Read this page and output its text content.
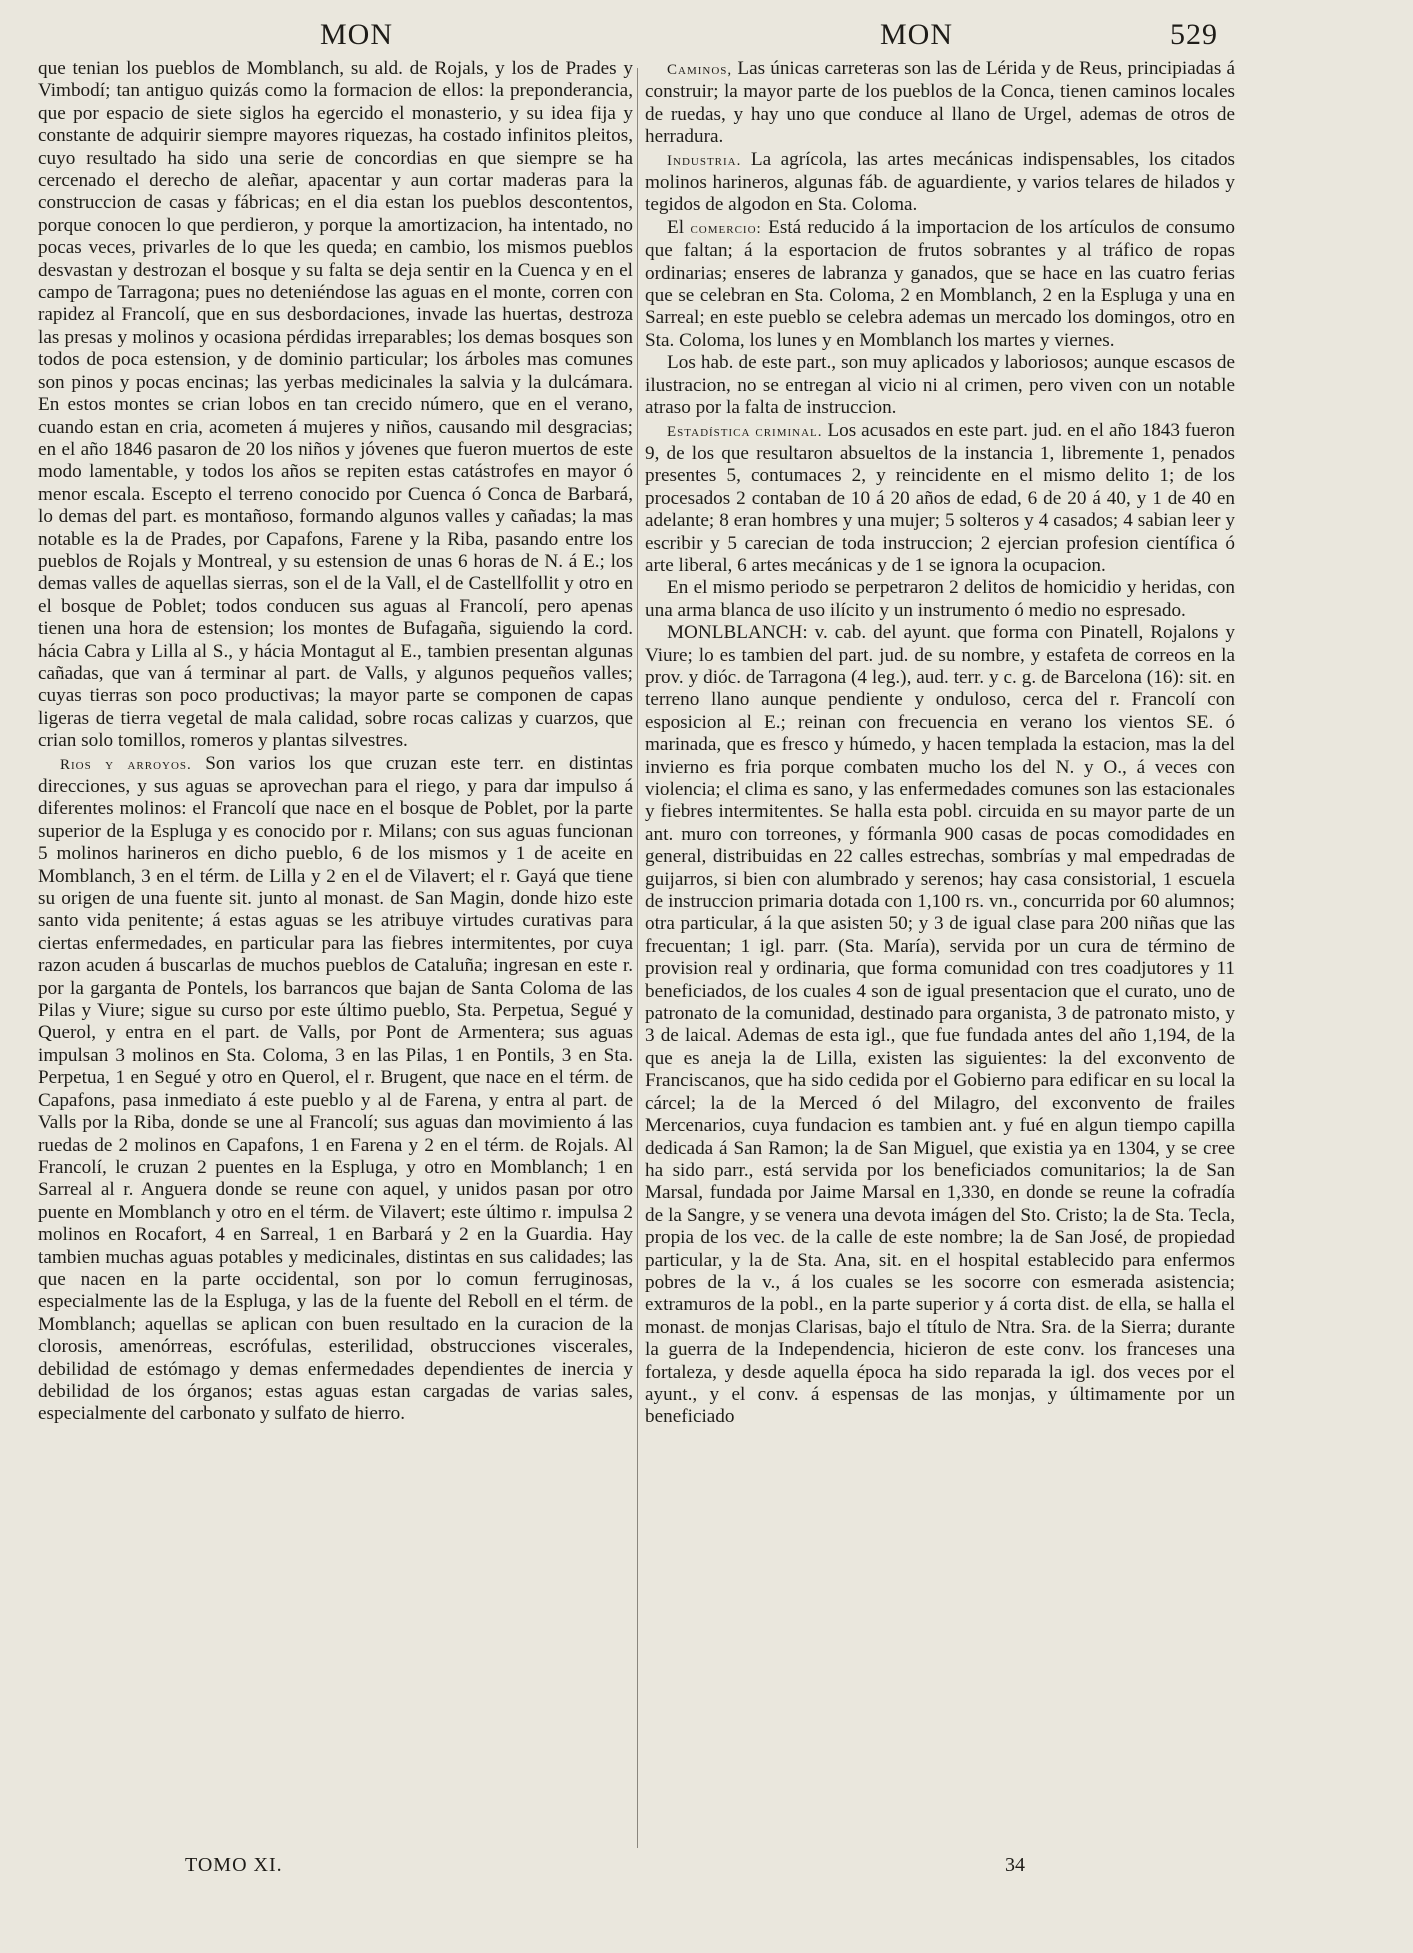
MON	MON	529

que tenian los pueblos de Momblanch, su ald. de Rojals, y los de Prades y Vimbodí; tan antiguo quizás como la formacion de ellos: la preponderancia, que por espacio de siete siglos ha egercido el monasterio, y su idea fija y constante de adquirir siempre mayores riquezas, ha costado infinitos pleitos, cuyo resultado ha sido una serie de concordias en que siempre se ha cercenado el derecho de aleñar, apacentar y aun cortar maderas para la construccion de casas y fábricas; en el dia estan los pueblos descontentos, porque conocen lo que perdieron, y porque la amortizacion, ha intentado, no pocas veces, privarles de lo que les queda; en cambio, los mismos pueblos desvastan y destrozan el bosque y su falta se deja sentir en la Cuenca y en el campo de Tarragona; pues no deteniéndose las aguas en el monte, corren con rapidez al Francolí, que en sus desbordaciones, invade las huertas, destroza las presas y molinos y ocasiona pérdidas irreparables; los demas bosques son todos de poca estension, y de dominio particular; los árboles mas comunes son pinos y pocas encinas; las yerbas medicinales la salvia y la dulcámara. En estos montes se crian lobos en tan crecido número, que en el verano, cuando estan en cria, acometen á mujeres y niños, causando mil desgracias; en el año 1846 pasaron de 20 los niños y jóvenes que fueron muertos de este modo lamentable, y todos los años se repiten estas catástrofes en mayor ó menor escala. Escepto el terreno conocido por Cuenca ó Conca de Barbará, lo demas del part. es montañoso, formando algunos valles y cañadas; la mas notable es la de Prades, por Capafons, Farene y la Riba, pasando entre los pueblos de Rojals y Montreal, y su estension de unas 6 horas de N. á E.; los demas valles de aquellas sierras, son el de la Vall, el de Castellfollit y otro en el bosque de Poblet; todos conducen sus aguas al Francolí, pero apenas tienen una hora de estension; los montes de Bufagaña, siguiendo la cord. hácia Cabra y Lilla al S., y hácia Montagut al E., tambien presentan algunas cañadas, que van á terminar al part. de Valls, y algunos pequeños valles; cuyas tierras son poco productivas; la mayor parte se componen de capas ligeras de tierra vegetal de mala calidad, sobre rocas calizas y cuarzos, que crian solo tomillos, romeros y plantas silvestres.

Rios y arroyos. Son varios los que cruzan este terr. en distintas direcciones, y sus aguas se aprovechan para el riego, y para dar impulso á diferentes molinos: el Francolí que nace en el bosque de Poblet, por la parte superior de la Espluga y es conocido por r. Milans; con sus aguas funcionan 5 molinos harineros en dicho pueblo, 6 de los mismos y 1 de aceite en Momblanch, 3 en el térm. de Lilla y 2 en el de Vilavert; el r. Gayá que tiene su origen de una fuente sit. junto al monast. de San Magin, donde hizo este santo vida penitente; á estas aguas se les atribuye virtudes curativas para ciertas enfermedades, en particular para las fiebres intermitentes, por cuya razon acuden á buscarlas de muchos pueblos de Cataluña; ingresan en este r. por la garganta de Pontels, los barrancos que bajan de Santa Coloma de las Pilas y Viure; sigue su curso por este último pueblo, Sta. Perpetua, Segué y Querol, y entra en el part. de Valls, por Pont de Armentera; sus aguas impulsan 3 molinos en Sta. Coloma, 3 en las Pilas, 1 en Pontils, 3 en Sta. Perpetua, 1 en Segué y otro en Querol, el r. Brugent, que nace en el térm. de Capafons, pasa inmediato á este pueblo y al de Farena, y entra al part. de Valls por la Riba, donde se une al Francolí; sus aguas dan movimiento á las ruedas de 2 molinos en Capafons, 1 en Farena y 2 en el térm. de Rojals. Al Francolí, le cruzan 2 puentes en la Espluga, y otro en Momblanch; 1 en Sarreal al r. Anguera donde se reune con aquel, y unidos pasan por otro puente en Momblanch y otro en el térm. de Vilavert; este último r. impulsa 2 molinos en Rocafort, 4 en Sarreal, 1 en Barbará y 2 en la Guardia. Hay tambien muchas aguas potables y medicinales, distintas en sus calidades; las que nacen en la parte occidental, son por lo comun ferruginosas, especialmente las de la Espluga, y las de la fuente del Reboll en el térm. de Momblanch; aquellas se aplican con buen resultado en la curacion de la clorosis, amenórreas, escrófulas, esterilidad, obstrucciones viscerales, debilidad de estómago y demas enfermedades dependientes de inercia y debilidad de los órganos; estas aguas estan cargadas de varias sales, especialmente del carbonato y sulfato de hierro.

Caminos, Las únicas carreteras son las de Lérida y de Reus, principiadas á construir; la mayor parte de los pueblos de la Conca, tienen caminos locales de ruedas, y hay uno que conduce al llano de Urgel, ademas de otros de herradura.

Industria. La agrícola, las artes mecánicas indispensables, los citados molinos harineros, algunas fáb. de aguardiente, y varios telares de hilados y tegidos de algodon en Sta. Coloma.

El comercio: Está reducido á la importacion de los artículos de consumo que faltan; á la esportacion de frutos sobrantes y al tráfico de ropas ordinarias; enseres de labranza y ganados, que se hace en las cuatro ferias que se celebran en Sta. Coloma, 2 en Momblanch, 2 en la Espluga y una en Sarreal; en este pueblo se celebra ademas un mercado los domingos, otro en Sta. Coloma, los lunes y en Momblanch los martes y viernes.

Los hab. de este part., son muy aplicados y laboriosos; aunque escasos de ilustracion, no se entregan al vicio ni al crimen, pero viven con un notable atraso por la falta de instruccion.

Estadística criminal. Los acusados en este part. jud. en el año 1843 fueron 9, de los que resultaron absueltos de la instancia 1, libremente 1, penados presentes 5, contumaces 2, y reincidente en el mismo delito 1; de los procesados 2 contaban de 10 á 20 años de edad, 6 de 20 á 40, y 1 de 40 en adelante; 8 eran hombres y una mujer; 5 solteros y 4 casados; 4 sabian leer y escribir y 5 carecian de toda instruccion; 2 ejercian profesion científica ó arte liberal, 6 artes mecánicas y de 1 se ignora la ocupacion.

En el mismo periodo se perpetraron 2 delitos de homicidio y heridas, con una arma blanca de uso ilícito y un instrumento ó medio no espresado.

MONLBLANCH: v. cab. del ayunt. que forma con Pinatell, Rojalons y Viure; lo es tambien del part. jud. de su nombre, y estafeta de correos en la prov. y dióc. de Tarragona (4 leg.), aud. terr. y c. g. de Barcelona (16): sit. en terreno llano aunque pendiente y onduloso, cerca del r. Francolí con esposicion al E.; reinan con frecuencia en verano los vientos SE. ó marinada, que es fresco y húmedo, y hacen templada la estacion, mas la del invierno es fria porque combaten mucho los del N. y O., á veces con violencia; el clima es sano, y las enfermedades comunes son las estacionales y fiebres intermitentes. Se halla esta pobl. circuida en su mayor parte de un ant. muro con torreones, y fórmanla 900 casas de pocas comodidades en general, distribuidas en 22 calles estrechas, sombrías y mal empedradas de guijarros, si bien con alumbrado y serenos; hay casa consistorial, 1 escuela de instruccion primaria dotada con 1,100 rs. vn., concurrida por 60 alumnos; otra particular, á la que asisten 50; y 3 de igual clase para 200 niñas que las frecuentan; 1 igl. parr. (Sta. María), servida por un cura de término de provision real y ordinaria, que forma comunidad con tres coadjutores y 11 beneficiados, de los cuales 4 son de igual presentacion que el curato, uno de patronato de la comunidad, destinado para organista, 3 de patronato misto, y 3 de laical. Ademas de esta igl., que fue fundada antes del año 1,194, de la que es aneja la de Lilla, existen las siguientes: la del exconvento de Franciscanos, que ha sido cedida por el Gobierno para edificar en su local la cárcel; la de la Merced ó del Milagro, del exconvento de frailes Mercenarios, cuya fundacion es tambien ant. y fué en algun tiempo capilla dedicada á San Ramon; la de San Miguel, que existia ya en 1304, y se cree ha sido parr., está servida por los beneficiados comunitarios; la de San Marsal, fundada por Jaime Marsal en 1,330, en donde se reune la cofradía de la Sangre, y se venera una devota imágen del Sto. Cristo; la de Sta. Tecla, propia de los vec. de la calle de este nombre; la de San José, de propiedad particular, y la de Sta. Ana, sit. en el hospital establecido para enfermos pobres de la v., á los cuales se les socorre con esmerada asistencia; extramuros de la pobl., en la parte superior y á corta dist. de ella, se halla el monast. de monjas Clarisas, bajo el título de Ntra. Sra. de la Sierra; durante la guerra de la Independencia, hicieron de este conv. los franceses una fortaleza, y desde aquella época ha sido reparada la igl. dos veces por el ayunt., y el conv. á espensas de las monjas, y últimamente por un beneficiado

TOMO XI.	34
